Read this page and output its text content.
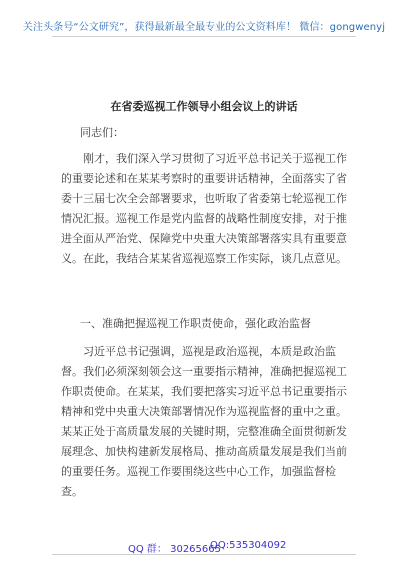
关注头条号“公文研究”，获得最新最全最专业的公文资料库！ 微信：gongwenyj
在省委巡视工作领导小组会议上的讲话

同志们：

刚才，我们深入学习贯彻了习近平总书记关于巡视工作的重要论述和在某某考察时的重要讲话精神，全面落实了省委十三届七次全会部署要求，也听取了省委第七轮巡视工作情况汇报。巡视工作是党内监督的战略性制度安排，对于推进全面从严治党、保障党中央重大决策部署落实具有重要意义。在此，我结合某某省巡视巡察工作实际，谈几点意见。

一、准确把握巡视工作职责使命，强化政治监督

习近平总书记强调，巡视是政治巡视，本质是政治监督。我们必须深刻领会这一重要指示精神，准确把握巡视工作职责使命。在某某，我们要把落实习近平总书记重要指示精神和党中央重大决策部署情况作为巡视监督的重中之重。某某正处于高质量发展的关键时期，完整准确全面贯彻新发展理念、加快构建新发展格局、推动高质量发展是我们当前的重要任务。巡视工作要围绕这些中心工作，加强监督检查。

QQ 群： 30265665
QQ:535304092
